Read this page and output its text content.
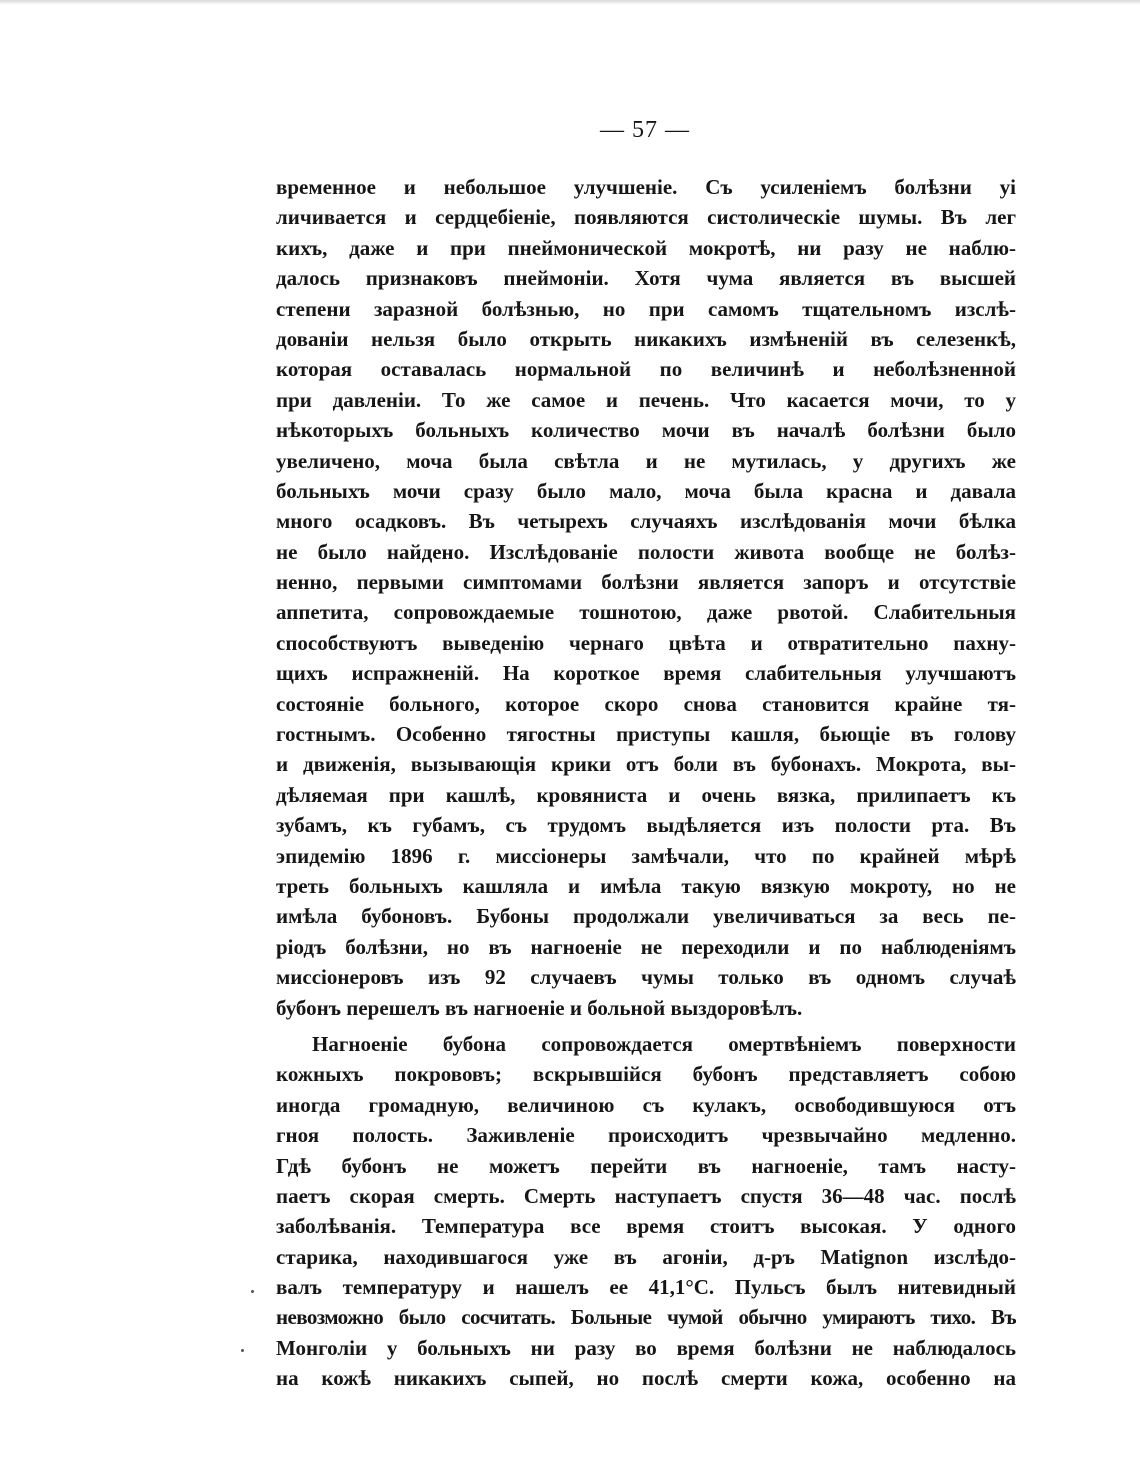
— 57 —

временное и небольшое улучшеніе. Съ усиленіемъ болѣзни уі
личивается и сердцебіеніе, появляются систолическіе шумы. Въ лег
кихъ, даже и при пнеймонической мокротѣ, ни разу не наблю-
далось признаковъ пнеймоніи. Хотя чума является въ высшей
степени заразной болѣзнью, но при самомъ тщательномъ изслѣ-
дованіи нельзя было открыть никакихъ измѣненій въ селезенкѣ,
которая оставалась нормальной по величинѣ и неболѣзненной
при давленіи. То же самое и печень. Что касается мочи, то у
нѣкоторыхъ больныхъ количество мочи въ началѣ болѣзни было
увеличено, моча была свѣтла и не мутилась, у другихъ же
больныхъ мочи сразу было мало, моча была красна и давала
много осадковъ. Въ четырехъ случаяхъ изслѣдованія мочи бѣлка
не было найдено. Изслѣдованіе полости живота вообще не болѣз-
ненно, первыми симптомами болѣзни является запоръ и отсутствіе
аппетита, сопровождаемые тошнотою, даже рвотой. Слабительныя
способствуютъ выведенію чернаго цвѣта и отвратительно пахну-
щихъ испражненій. На короткое время слабительныя улучшаютъ
состояніе больного, которое скоро снова становится крайне тя-
гостнымъ. Особенно тягостны приступы кашля, бьющіе въ голову
и движенія, вызывающія крики отъ боли въ бубонахъ. Мокрота, вы-
дѣляемая при кашлѣ, кровяниста и очень вязка, прилипаетъ къ
зубамъ, къ губамъ, съ трудомъ выдѣляется изъ полости рта. Въ
эпидемію 1896 г. миссіонеры замѣчали, что по крайней мѣрѣ
треть больныхъ кашляла и имѣла такую вязкую мокроту, но не
имѣла бубоновъ. Бубоны продолжали увеличиваться за весь пе-
ріодъ болѣзни, но въ нагноеніе не переходили и по наблюденіямъ
миссіонеровъ изъ 92 случаевъ чумы только въ одномъ случаѣ
бубонъ перешелъ въ нагноеніе и больной выздоровѣлъ.

Нагноеніе бубона сопровождается омертвѣніемъ поверхности
кожныхъ покрововъ; вскрывшійся бубонъ представляетъ собою
иногда громадную, величиною съ кулакъ, освободившуюся отъ
гноя полость. Заживленіе происходитъ чрезвычайно медленно.
Гдѣ бубонъ не можетъ перейти въ нагноеніе, тамъ насту-
паетъ скорая смерть. Смерть наступаетъ спустя 36—48 час. послѣ
заболѣванія. Температура все время стоитъ высокая. У одного
старика, находившагося уже въ агоніи, д-ръ Matignon изслѣдо-
валъ температуру и нашелъ ее 41,1°С. Пульсъ былъ нитевидный
невозможно было сосчитать. Больные чумой обычно умираютъ тихо. Въ
Монголіи у больныхъ ни разу во время болѣзни не наблюдалось
на кожѣ никакихъ сыпей, но послѣ смерти кожа, особенно на
